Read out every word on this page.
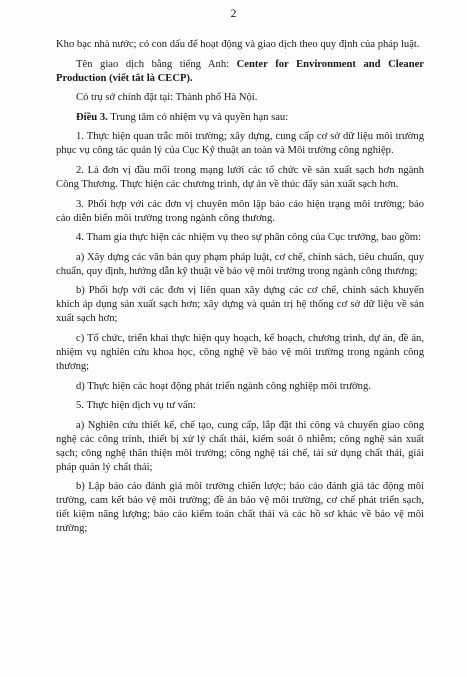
2

Kho bạc nhà nước; có con dấu để hoạt động và giao dịch theo quy định của pháp luật.

Tên giao dịch bằng tiếng Anh: Center for Environment and Cleaner Production (viết tắt là CECP).

Có trụ sở chính đặt tại: Thành phố Hà Nội.

Điều 3. Trung tâm có nhiệm vụ và quyền hạn sau:

1. Thực hiện quan trắc môi trường; xây dựng, cung cấp cơ sở dữ liệu môi trường phục vụ công tác quản lý của Cục Kỹ thuật an toàn và Môi trường công nghiệp.

2. Là đơn vị đầu mối trong mạng lưới các tổ chức về sản xuất sạch hơn ngành Công Thương. Thực hiện các chương trình, dự án về thúc đẩy sản xuất sạch hơn.

3. Phối hợp với các đơn vị chuyên môn lập báo cáo hiện trạng môi trường; báo cáo diễn biến môi trường trong ngành công thương.

4. Tham gia thực hiện các nhiệm vụ theo sự phân công của Cục trưởng, bao gồm:

a) Xây dựng các văn bản quy phạm pháp luật, cơ chế, chính sách, tiêu chuẩn, quy chuẩn, quy định, hướng dẫn kỹ thuật về bảo vệ môi trường trong ngành công thương;

b) Phối hợp với các đơn vị liên quan xây dựng các cơ chế, chính sách khuyến khích áp dụng sản xuất sạch hơn; xây dựng và quản trị hệ thống cơ sở dữ liệu về sản xuất sạch hơn;

c) Tổ chức, triển khai thực hiện quy hoạch, kế hoạch, chương trình, dự án, đề án, nhiệm vụ nghiên cứu khoa học, công nghệ về bảo vệ môi trường trong ngành công thương;

d) Thực hiện các hoạt động phát triển ngành công nghiệp môi trường.

5. Thực hiện dịch vụ tư vấn:

a) Nghiên cứu thiết kế, chế tạo, cung cấp, lắp đặt thi công và chuyển giao công nghệ các công trình, thiết bị xử lý chất thải, kiểm soát ô nhiễm; công nghệ sản xuất sạch; công nghệ thân thiện môi trường; công nghệ tái chế, tái sử dụng chất thải, giải pháp quản lý chất thải;

b) Lập báo cáo đánh giá môi trường chiến lược; báo cáo đánh giá tác động môi trường, cam kết bảo vệ môi trường; đề án bảo vệ môi trường, cơ chế phát triển sạch, tiết kiệm năng lượng; báo cáo kiểm toán chất thải và các hồ sơ khác về bảo vệ môi trường;
